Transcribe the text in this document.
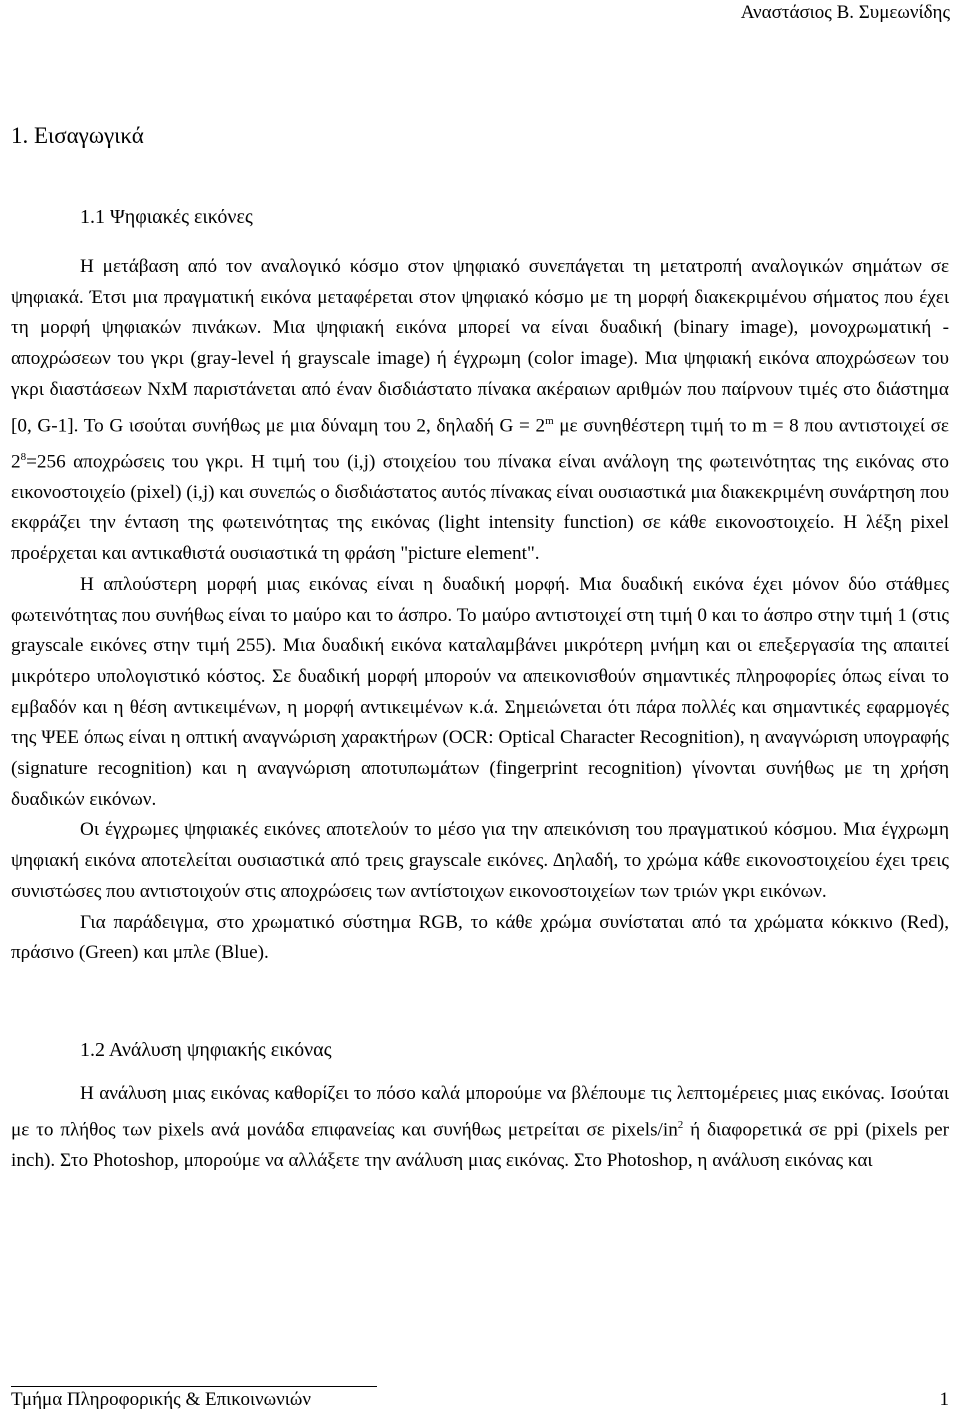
Αναστάσιος Β. Συμεωνίδης
1. Εισαγωγικά
1.1 Ψηφιακές εικόνες

Η μετάβαση από τον αναλογικό κόσμο στον ψηφιακό συνεπάγεται τη μετατροπή αναλογικών σημάτων σε ψηφιακά. Έτσι μια πραγματική εικόνα μεταφέρεται στον ψηφιακό κόσμο με τη μορφή διακεκριμένου σήματος που έχει τη μορφή ψηφιακών πινάκων. Μια ψηφιακή εικόνα μπορεί να είναι δυαδική (binary image), μονοχρωματική - αποχρώσεων του γκρι (gray-level ή grayscale image) ή έγχρωμη (color image). Μια ψηφιακή εικόνα αποχρώσεων του γκρι διαστάσεων NxM παριστάνεται από έναν δισδιάστατο πίνακα ακέραιων αριθμών που παίρνουν τιμές στο διάστημα [0, G-1]. Το G ισούται συνήθως με μια δύναμη του 2, δηλαδή $G = 2^m$ με συνηθέστερη τιμή το m = 8 που αντιστοιχεί σε $2^8=256$ αποχρώσεις του γκρι. Η τιμή του (i,j) στοιχείου του πίνακα είναι ανάλογη της φωτεινότητας της εικόνας στο εικονοστοιχείο (pixel) (i,j) και συνεπώς ο δισδιάστατος αυτός πίνακας είναι ουσιαστικά μια διακεκριμένη συνάρτηση που εκφράζει την ένταση της φωτεινότητας της εικόνας (light intensity function) σε κάθε εικονοστοιχείο. Η λέξη pixel προέρχεται και αντικαθιστά ουσιαστικά τη φράση "picture element".

Η απλούστερη μορφή μιας εικόνας είναι η δυαδική μορφή. Μια δυαδική εικόνα έχει μόνον δύο στάθμες φωτεινότητας που συνήθως είναι το μαύρο και το άσπρο. Το μαύρο αντιστοιχεί στη τιμή 0 και το άσπρο στην τιμή 1 (στις grayscale εικόνες στην τιμή 255). Μια δυαδική εικόνα καταλαμβάνει μικρότερη μνήμη και οι επεξεργασία της απαιτεί μικρότερο υπολογιστικό κόστος. Σε δυαδική μορφή μπορούν να απεικονισθούν σημαντικές πληροφορίες όπως είναι το εμβαδόν και η θέση αντικειμένων, η μορφή αντικειμένων κ.ά. Σημειώνεται ότι πάρα πολλές και σημαντικές εφαρμογές της ΨΕΕ όπως είναι η οπτική αναγνώριση χαρακτήρων (OCR: Optical Character Recognition), η αναγνώριση υπογραφής (signature recognition) και η αναγνώριση αποτυπωμάτων (fingerprint recognition) γίνονται συνήθως με τη χρήση δυαδικών εικόνων.

Οι έγχρωμες ψηφιακές εικόνες αποτελούν το μέσο για την απεικόνιση του πραγματικού κόσμου. Μια έγχρωμη ψηφιακή εικόνα αποτελείται ουσιαστικά από τρεις grayscale εικόνες. Δηλαδή, το χρώμα κάθε εικονοστοιχείου έχει τρεις συνιστώσες που αντιστοιχούν στις αποχρώσεις των αντίστοιχων εικονοστοιχείων των τριών γκρι εικόνων.

Για παράδειγμα, στο χρωματικό σύστημα RGB, το κάθε χρώμα συνίσταται από τα χρώματα κόκκινο (Red), πράσινο (Green) και μπλε (Blue).

1.2 Ανάλυση ψηφιακής εικόνας

Η ανάλυση μιας εικόνας καθορίζει το πόσο καλά μπορούμε να βλέπουμε τις λεπτομέρειες μιας εικόνας. Ισούται με το πλήθος των pixels ανά μονάδα επιφανείας και συνήθως μετρείται σε pixels/$in^2$ ή διαφορετικά σε ppi (pixels per inch). Στο Photoshop, μπορούμε να αλλάξετε την ανάλυση μιας εικόνας. Στο Photoshop, η ανάλυση εικόνας και

Τμήμα Πληροφορικής & Επικοινωνιών	1
